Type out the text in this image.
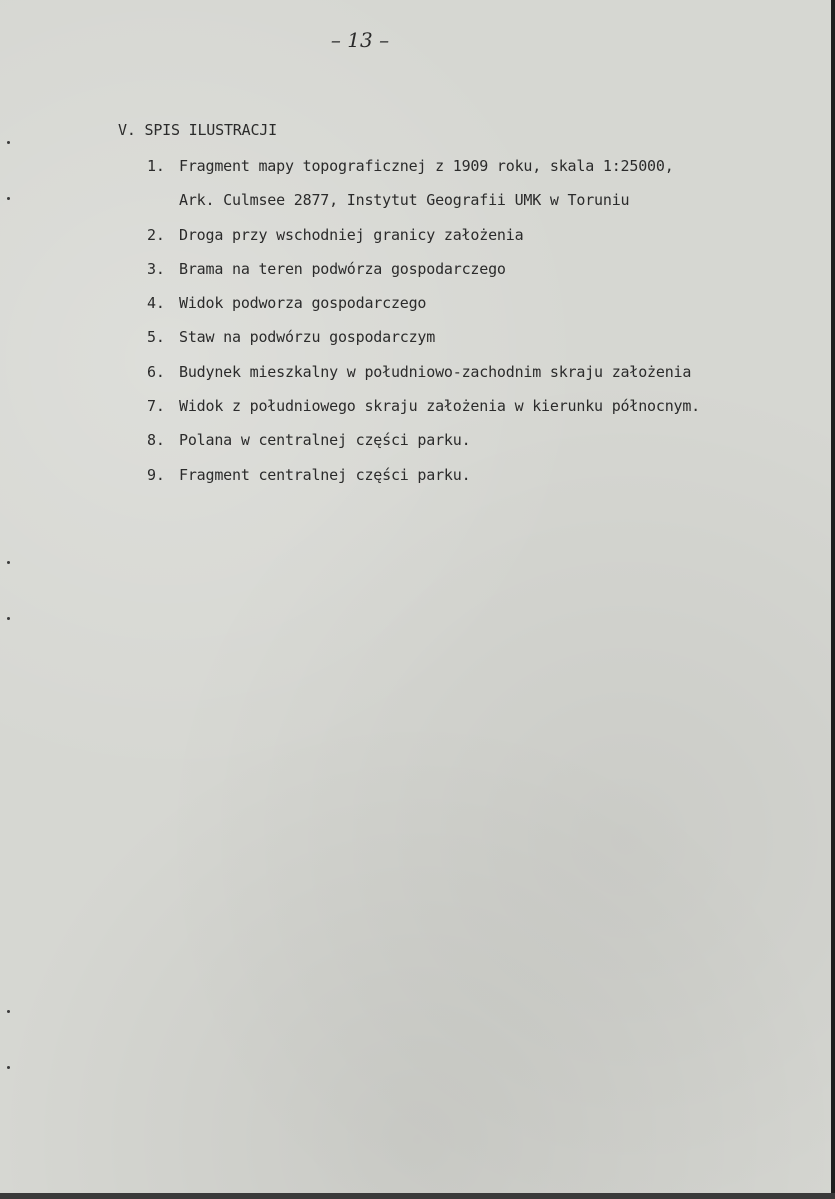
– 13 –
V. SPIS ILUSTRACJI
1. Fragment mapy topograficznej z 1909 roku, skala 1:25000,
Ark. Culmsee 2877, Instytut Geografii UMK w Toruniu
2. Droga przy wschodniej granicy założenia
3. Brama na teren podwórza gospodarczego
4. Widok podworza gospodarczego
5. Staw na podwórzu gospodarczym
6. Budynek mieszkalny w południowo-zachodnim skraju założenia
7. Widok z południowego skraju założenia w kierunku północnym.
8. Polana w centralnej części parku.
9. Fragment centralnej części parku.
